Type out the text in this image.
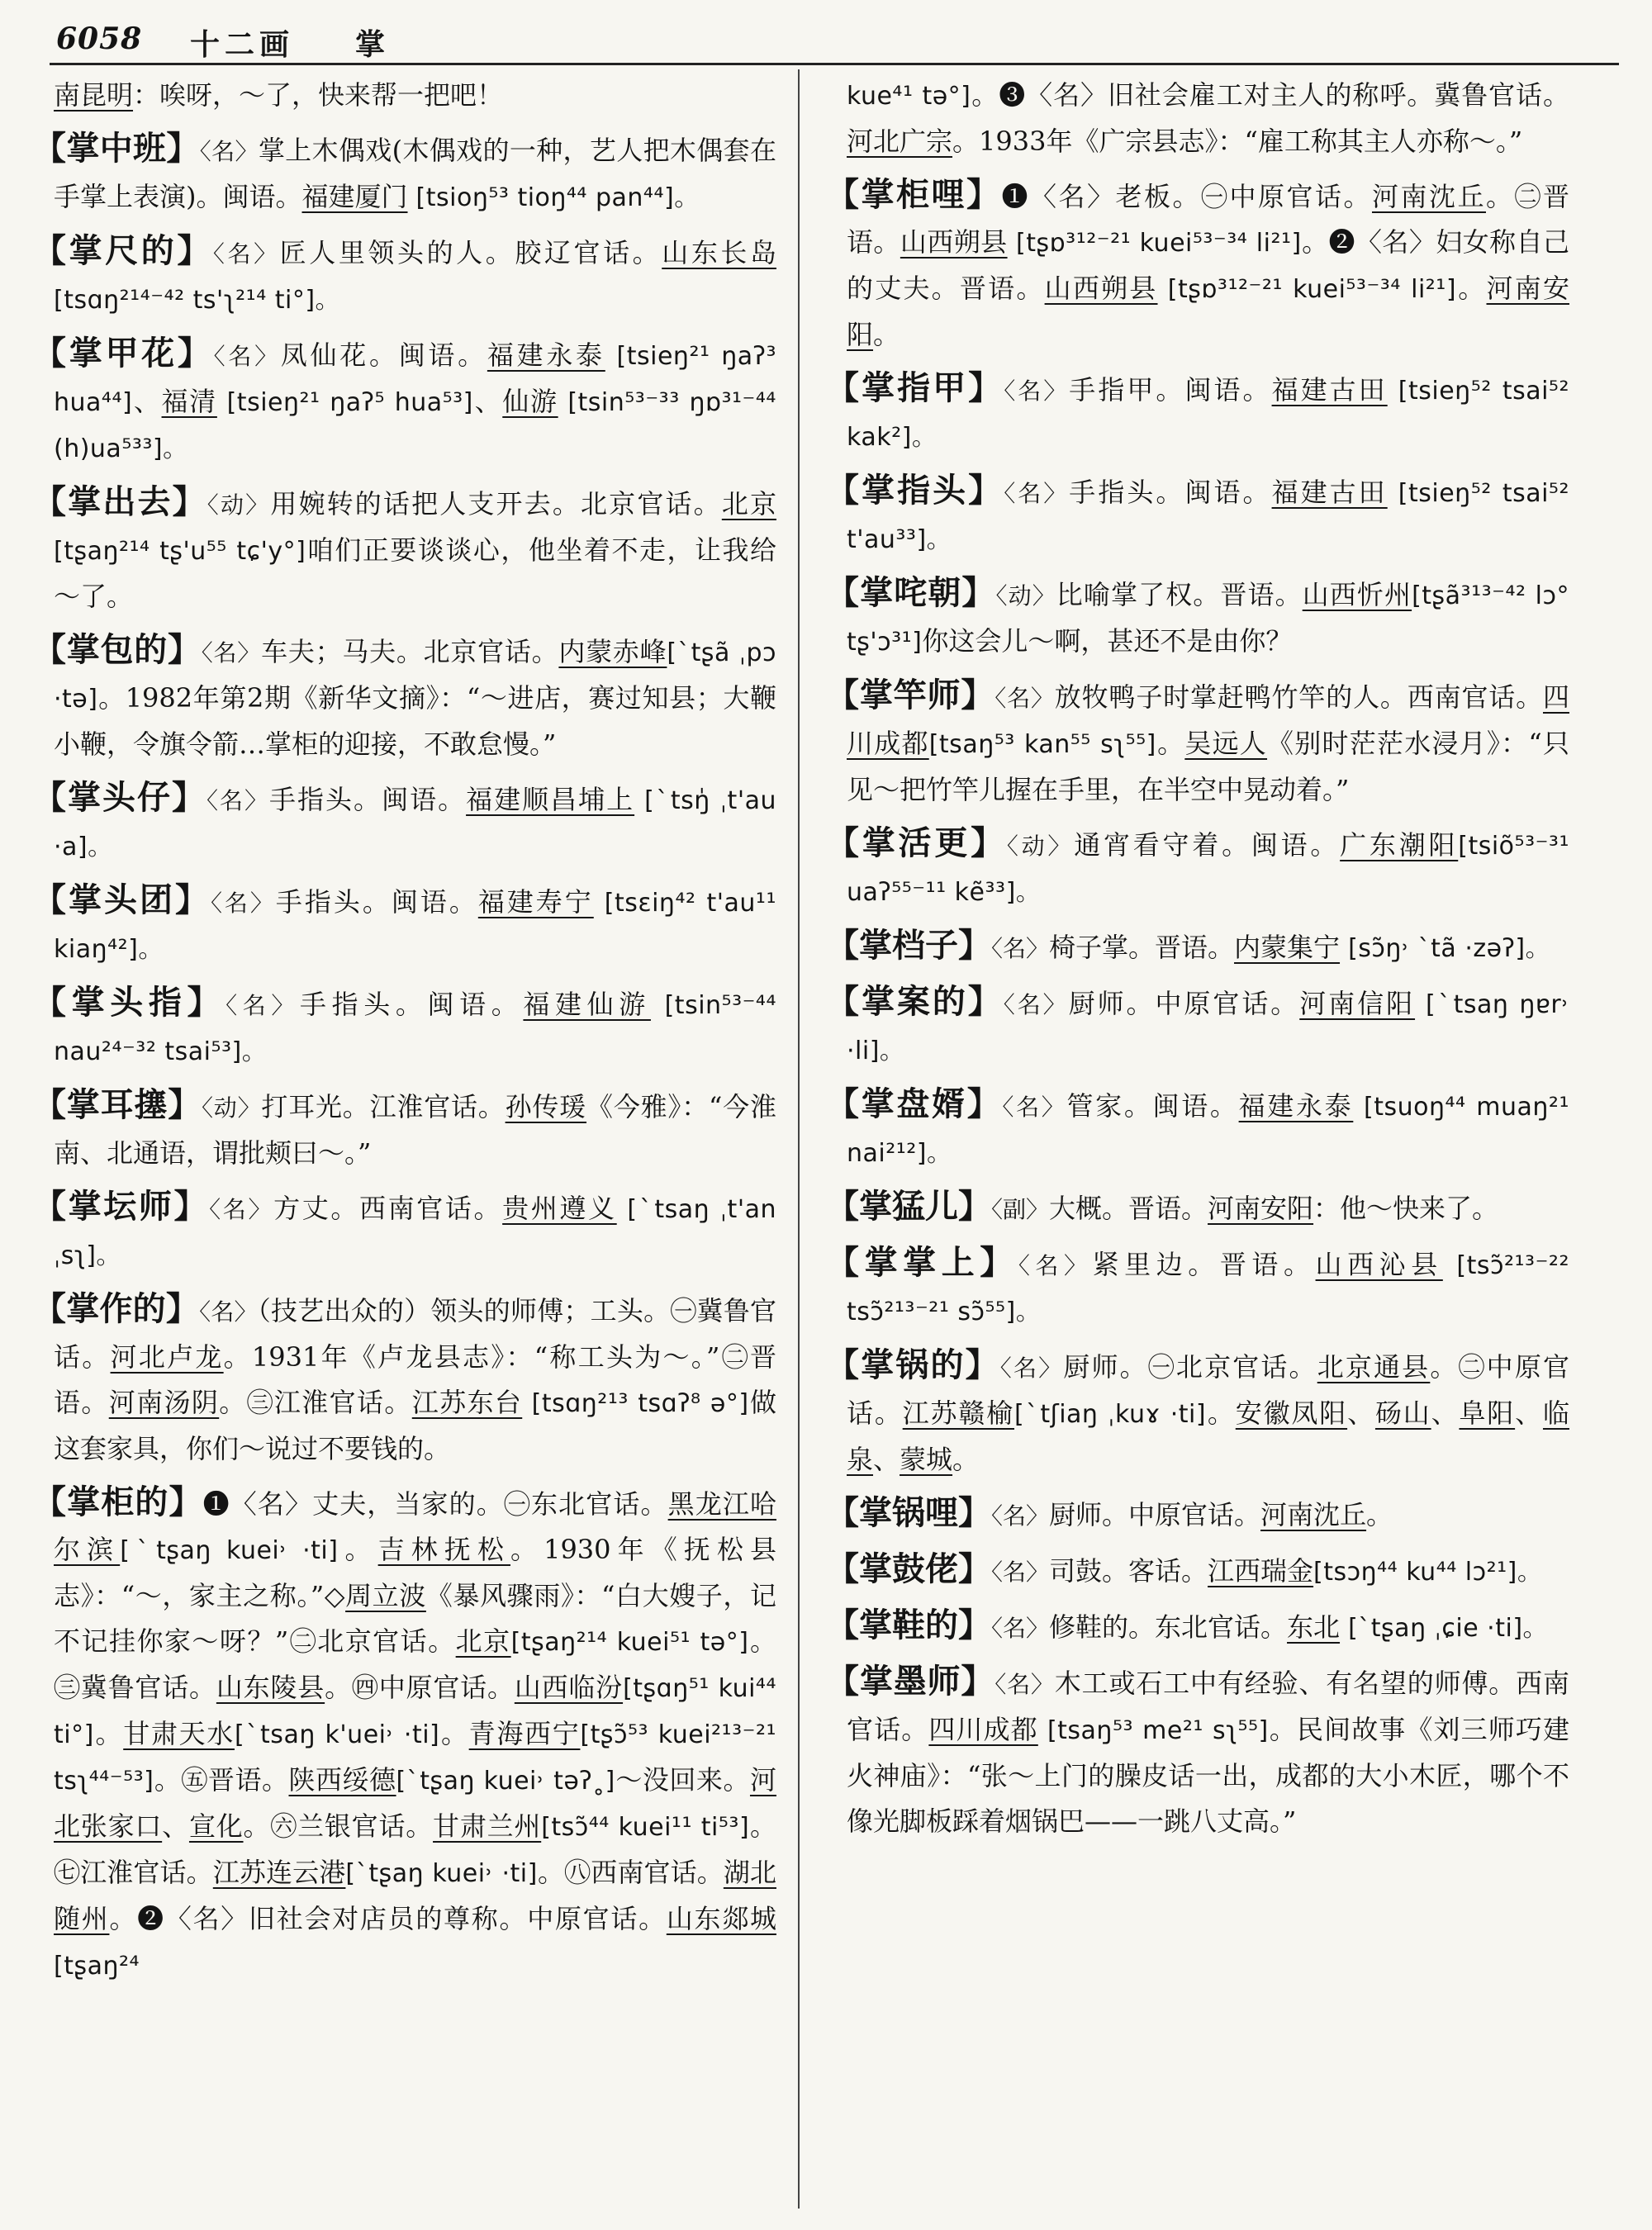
6058 十二画 掌
南昆明：唉呀，～了，快来帮一把吧！
【掌中班】〈名〉掌上木偶戏(木偶戏的一种，艺人把木偶套在手掌上表演)。闽语。福建厦门 [tsioŋ⁵³ tioŋ⁴⁴ pan⁴⁴]。
【掌尺的】〈名〉匠人里领头的人。胶辽官话。山东长岛[tsɑŋ²¹⁴⁻⁴² ts'ʅ²¹⁴ ti°]。
【掌甲花】〈名〉凤仙花。闽语。福建永泰 [tsieŋ²¹ ŋaʔ³ hua⁴⁴]、福清 [tsieŋ²¹ ŋaʔ⁵ hua⁵³]、仙游 [tsin⁵³⁻³³ ŋɒ³¹⁻⁴⁴ (h)ua⁵³³]。
【掌出去】〈动〉用婉转的话把人支开去。北京官话。北京[tʂaŋ²¹⁴ tʂ'u⁵⁵ tɕ'y°]咱们正要谈谈心，他坐着不走，让我给～了。
【掌包的】〈名〉车夫；马夫。北京官话。内蒙赤峰[ˋtʂã ˌpɔ ·tə]。1982年第2期《新华文摘》：“～进店，赛过知县；大鞭小鞭，令旗令箭…掌柜的迎接，不敢怠慢。”
【掌头仔】〈名〉手指头。闽语。福建顺昌埔上 [ˋtsŋ̍ ˌt'au ·a]。
【掌头团】〈名〉手指头。闽语。福建寿宁 [tsɛiŋ⁴² t'au¹¹ kiaŋ⁴²]。
【掌头指】〈名〉手指头。闽语。福建仙游 [tsin⁵³⁻⁴⁴ nau²⁴⁻³² tsai⁵³]。
【掌耳㩙】〈动〉打耳光。江淮官话。孙传瑗《今雅》：“今淮南、北通语，谓批颊曰～。”
【掌坛师】〈名〉方丈。西南官话。贵州遵义 [ˋtsaŋ ˌt'an ˌsʅ]。
【掌作的】〈名〉（技艺出众的）领头的师傅；工头。㊀冀鲁官话。河北卢龙。1931年《卢龙县志》：“称工头为～。”㊁晋语。河南汤阴。㊂江淮官话。江苏东台 [tsɑŋ²¹³ tsɑʔ⁸ ə°]做这套家具，你们～说过不要钱的。
【掌柜的】❶〈名〉丈夫，当家的。㊀东北官话。黑龙江哈尔滨[ˋtʂaŋ kuei˒ ·ti]。吉林抚松。1930年《抚松县志》：“～，家主之称。”◇周立波《暴风骤雨》：“白大嫂子，记不记挂你家～呀？”㊁北京官话。北京[tʂaŋ²¹⁴ kuei⁵¹ tə°]。㊂冀鲁官话。山东陵县。㊃中原官话。山西临汾[tʂɑŋ⁵¹ kui⁴⁴ ti°]。甘肃天水[ˋtsaŋ k'uei˒ ·ti]。青海西宁[tʂɔ̃⁵³ kuei²¹³⁻²¹ tsʅ⁴⁴⁻⁵³]。㊄晋语。陕西绥德[ˋtʂaŋ kuei˒ təʔ˳]～没回来。河北张家口、宣化。㊅兰银官话。甘肃兰州[tsɔ̃⁴⁴ kuei¹¹ ti⁵³]。㊆江淮官话。江苏连云港[ˋtʂaŋ kuei˒ ·ti]。㊇西南官话。湖北随州。❷〈名〉旧社会对店员的尊称。中原官话。山东郯城 [tʂaŋ²⁴
kue⁴¹ tə°]。❸〈名〉旧社会雇工对主人的称呼。冀鲁官话。河北广宗。1933年《广宗县志》：“雇工称其主人亦称～。”
【掌柜哩】❶〈名〉老板。㊀中原官话。河南沈丘。㊁晋语。山西朔县 [tʂɒ³¹²⁻²¹ kuei⁵³⁻³⁴ li²¹]。❷〈名〉妇女称自己的丈夫。晋语。山西朔县 [tʂɒ³¹²⁻²¹ kuei⁵³⁻³⁴ li²¹]。河南安阳。
【掌指甲】〈名〉手指甲。闽语。福建古田 [tsieŋ⁵² tsai⁵² kak²]。
【掌指头】〈名〉手指头。闽语。福建古田 [tsieŋ⁵² tsai⁵² t'au³³]。
【掌咤朝】〈动〉比喻掌了权。晋语。山西忻州[tʂã³¹³⁻⁴² lɔ° tʂ'ɔ³¹]你这会儿～啊，甚还不是由你？
【掌竿师】〈名〉放牧鸭子时掌赶鸭竹竿的人。西南官话。四川成都[tsaŋ⁵³ kan⁵⁵ sʅ⁵⁵]。吴远人《别时茫茫水浸月》：“只见～把竹竿儿握在手里，在半空中晃动着。”
【掌活更】〈动〉通宵看守着。闽语。广东潮阳[tsiõ⁵³⁻³¹ uaʔ⁵⁵⁻¹¹ kẽ³³]。
【掌档子】〈名〉椅子掌。晋语。内蒙集宁 [sɔ̃ŋ˒ ˋtã ·zəʔ]。
【掌案的】〈名〉厨师。中原官话。河南信阳 [ˋtsaŋ ŋɐr˒ ·li]。
【掌盘婿】〈名〉管家。闽语。福建永泰 [tsuoŋ⁴⁴ muaŋ²¹ nai²¹²]。
【掌猛儿】〈副〉大概。晋语。河南安阳：他～快来了。
【掌掌上】〈名〉紧里边。晋语。山西沁县 [tsɔ̃²¹³⁻²² tsɔ̃²¹³⁻²¹ sɔ̃⁵⁵]。
【掌锅的】〈名〉厨师。㊀北京官话。北京通县。㊁中原官话。江苏赣榆[ˋtʃiaŋ ˌkuɤ ·ti]。安徽凤阳、砀山、阜阳、临泉、蒙城。
【掌锅哩】〈名〉厨师。中原官话。河南沈丘。
【掌鼓佬】〈名〉司鼓。客话。江西瑞金[tsɔŋ⁴⁴ ku⁴⁴ lɔ²¹]。
【掌鞋的】〈名〉修鞋的。东北官话。东北 [ˋtʂaŋ ˌɕie ·ti]。
【掌墨师】〈名〉木工或石工中有经验、有名望的师傅。西南官话。四川成都 [tsaŋ⁵³ me²¹ sʅ⁵⁵]。民间故事《刘三师巧建火神庙》：“张～上门的臊皮话一出，成都的大小木匠，哪个不像光脚板踩着烟锅巴——一跳八丈高。”
